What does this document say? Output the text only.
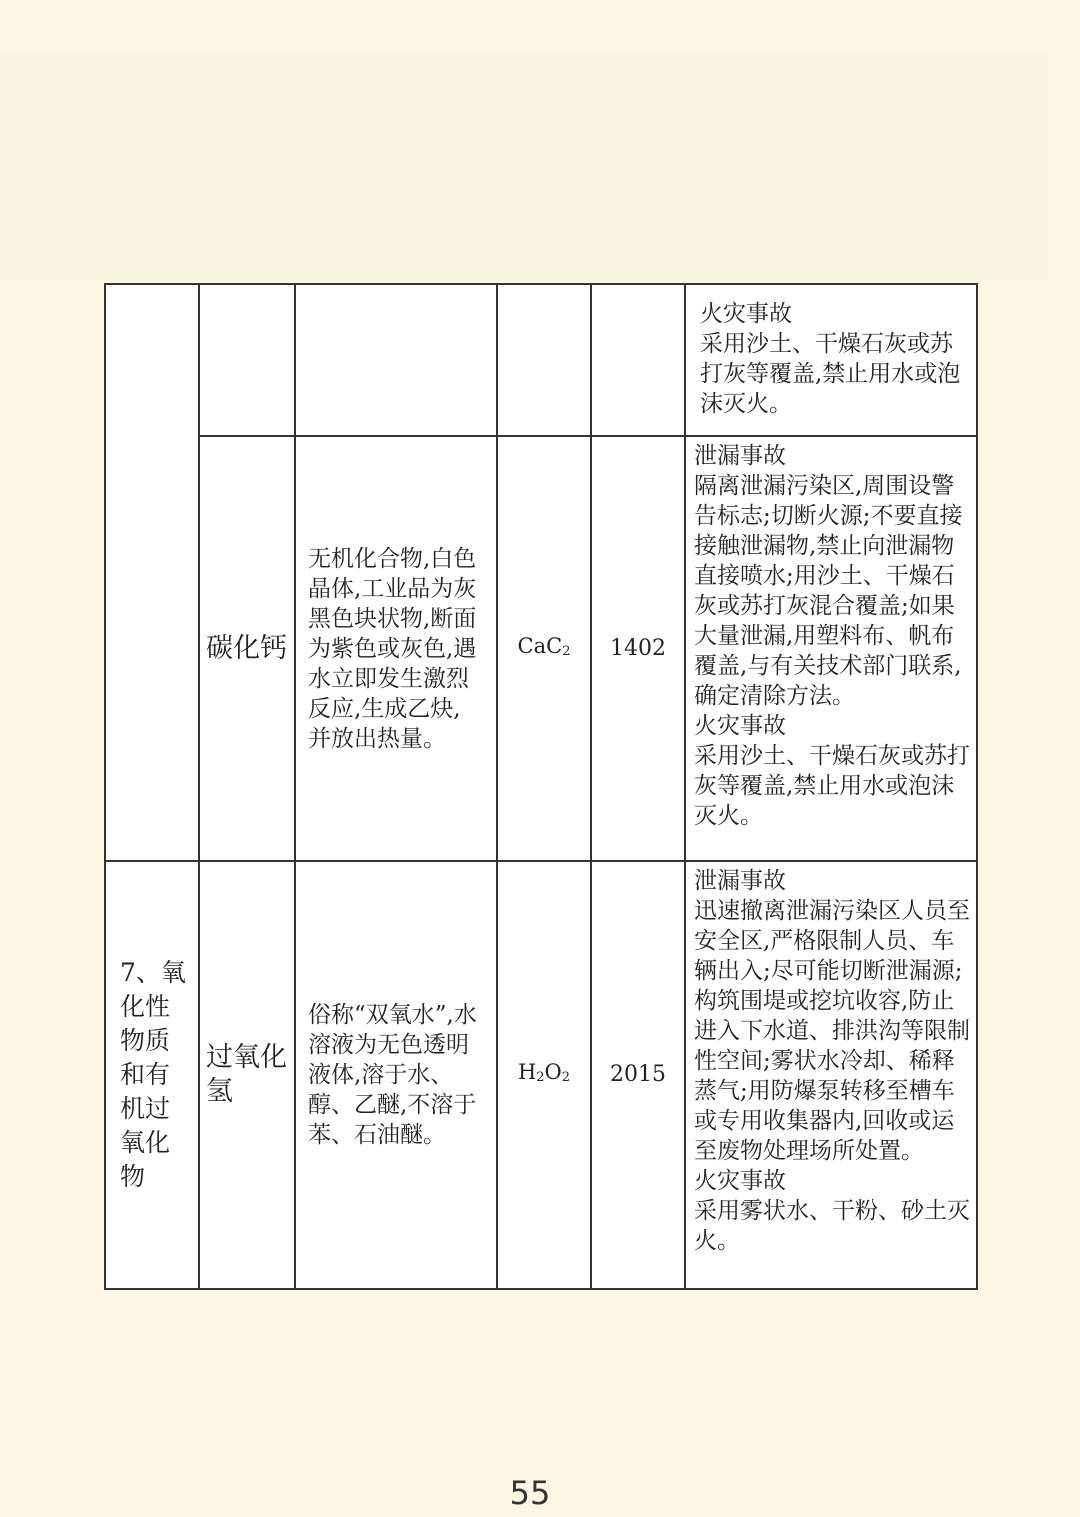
					火灾事故
采用沙土、干燥石灰或苏打灰等覆盖,禁止用水或泡沫灭火。

	碳化钙	无机化合物,白色晶体,工业品为灰黑色块状物,断面为紫色或灰色,遇水立即发生激烈反应,生成乙炔, 并放出热量。	CaC$_2$	1402	泄漏事故
隔离泄漏污染区,周围设警告标志;切断火源;不要直接接触泄漏物,禁止向泄漏物直接喷水;用沙土、干燥石灰或苏打灰混合覆盖;如果大量泄漏,用塑料布、帆布覆盖,与有关技术部门联系, 确定清除方法。
火灾事故
采用沙土、干燥石灰或苏打灰等覆盖,禁止用水或泡沫灭火。

7、氧化性物质和有机过氧化物	过氧化氢	俗称“双氧水”,水溶液为无色透明液体,溶于水、醇、乙醚,不溶于苯、石油醚。	$H_2O_2$	2015	泄漏事故
迅速撤离泄漏污染区人员至安全区,严格限制人员、车辆出入;尽可能切断泄漏源;构筑围堤或挖坑收容,防止进入下水道、排洪沟等限制性空间;雾状水冷却、稀释蒸气;用防爆泵转移至槽车或专用收集器内,回收或运至废物处理场所处置。
火灾事故
采用雾状水、干粉、砂土灭火。
55
